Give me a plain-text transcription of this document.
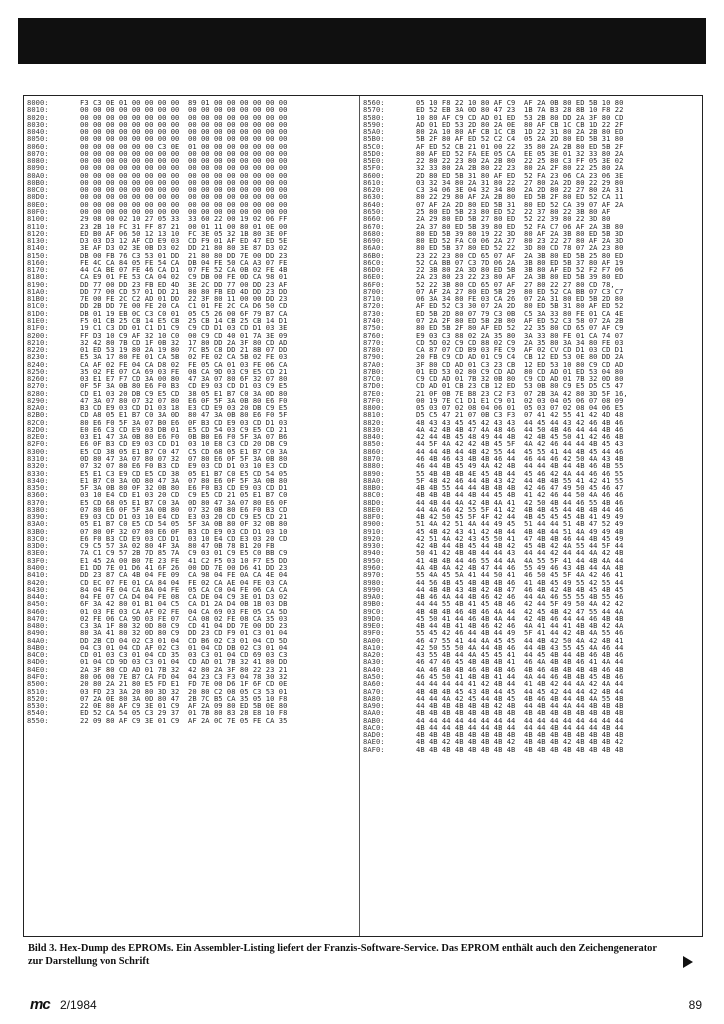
8000:	F3 C3 0E 01 00 00 00 00  89 01 00 00 00 00 00 00
8010:	00 00 00 00 00 00 00 00  00 00 00 00 00 00 00 00
8020:	00 00 00 00 00 00 00 00  00 00 00 00 00 00 00 00
8030:	00 00 00 00 00 00 00 00  00 00 00 00 00 00 00 00
8040:	00 00 00 00 00 00 00 00  00 00 00 00 00 00 00 00
8050:	00 00 00 00 00 00 00 00  00 00 00 00 00 00 00 00
8060:	00 00 00 00 00 00 C3 0E  01 00 00 00 00 00 00 00
8070:	00 00 00 00 00 00 00 00  00 00 00 00 00 00 00 00
8080:	00 00 00 00 00 00 00 00  00 00 00 00 00 00 00 00
8090:	00 00 00 00 00 00 00 00  00 00 00 00 00 00 00 00
80A0:	00 00 00 00 00 00 00 00  00 00 00 00 00 00 00 00
80B0:	00 00 00 00 00 00 00 00  00 00 00 00 00 00 00 00
80C0:	00 00 00 00 00 00 00 00  00 00 00 00 00 00 00 00
80D0:	00 00 00 00 00 00 00 00  00 00 00 00 00 00 00 00
80E0:	00 00 00 00 00 00 00 00  00 00 00 00 00 00 00 00
80F0:	00 00 00 00 00 00 00 00  00 00 00 00 00 00 00 00
8100:	29 08 00 02 10 27 05 33  33 60 22 00 19 02 06 FF
8110:	23 2B 10 FC 31 FF 87 21  00 01 11 00 80 01 0E 00
8120:	ED B0 AF 06 50 12 13 10  FC 3E 05 32 1B 80 3E 0F
8130:	D3 03 D3 12 AF CD E9 03  CD F9 01 AF ED 47 ED 5E
8140:	3E AF D3 02 3E 0B D3 02  DD 21 80 80 3E 87 D3 02
8150:	DB 00 FB 76 C3 53 01 DD  21 80 80 DD 7E 00 DD 23
8160:	FE 4C CA 84 05 FE 54 CA  DB 04 FE 50 CA A3 07 FE
8170:	44 CA BE 07 FE 46 CA D1  07 FE 52 CA 0B 02 FE 4B
8180:	CA E9 01 FE 53 CA 04 02  C9 DB 00 FE 0D CA 98 01
8190:	DD 77 00 DD 23 FB ED 4D  3E 2C DD 77 00 DD 23 AF
81A0:	DD 77 00 CD 57 01 DD 21  80 80 FB ED 4D DD 23 DD
81B0:	7E 00 FE 2C C2 AD 01 DD  22 3F 80 11 00 00 DD 23
81C0:	DD 2B DD 7E 00 FE 20 CA  C1 01 FE 2C CA D6 50 CD
81D0:	DB 01 19 EB 0C C3 C0 01  05 C5 26 00 6F 79 B7 CA
81E0:	F5 01 CB 25 CB 14 E5 CB  25 CB 14 CB 25 CB 14 D1
81F0:	19 C1 C3 DD 01 C1 D1 C9  C9 CD D1 03 CD D1 03 3E
8200:	FF D3 10 C9 AF 32 10 C0  00 C9 CD 40 01 7A 3E 09
8210:	32 42 80 7B CD 1F 0B 32  17 80 DD 2A 3F 80 CD AD
8220:	01 ED 53 19 80 2A 19 80  7C B5 C8 DD 21 8B 07 DD
8230:	E5 3A 17 80 FE 01 CA 5B  02 FE 02 CA 5B 02 FE 03
8240:	CA AF 02 FE 04 CA D8 02  FE 05 CA 01 03 FE 06 CA
8250:	35 02 FE 07 CA 69 03 FE  08 CA 9D 03 C9 E5 CD 21
8260:	03 E1 E7 F7 CD 3A 00 80  47 3A 07 80 6F 32 07 80
8270:	0F 5F 3A 0B 80 E6 F0 B3  CD E9 03 CD D1 03 C9 E5
8280:	CD E1 03 20 DB C9 E5 CD  38 05 E1 B7 C0 3A 0D 80
8290:	47 3A 07 80 07 32 07 80  E6 0F 5F 3A 0B 80 E6 F0
82A0:	B3 CD E9 03 CD D1 03 18  E3 CD E9 03 20 DB C9 E5
82B0:	CD A8 05 E1 B7 C0 3A 0D  80 47 3A 0B 80 E6 F0 5F
82C0:	80 E6 F0 5F 3A 07 B0 E6  0F B3 CD E9 03 CD D1 03
82D0:	E0 E6 C3 CD E9 03 DB 01  E5 CD 54 03 C9 E5 CD 21
82E0:	03 E1 47 3A 0B 80 E6 F0  0B B0 E6 F0 5F 3A 07 B6
82F0:	E6 0F B3 CD E9 03 CD D1  03 10 E8 C3 CD 20 DB C9
8300:	E5 CD 38 05 E1 B7 C0 47  C5 CD 68 05 E1 B7 C0 3A
8310:	0D 80 47 3A 07 80 07 32  07 80 E6 0F 5F 3A 0B 80
8320:	07 32 07 80 E6 F0 B3 CD  E9 03 CD D1 03 10 E3 CD
8330:	E5 E1 C3 E9 CD E5 CD 38  05 E1 B7 C0 E5 CD 54 05
8340:	E1 B7 C0 3A 0D 80 47 3A  07 80 E6 0F 5F 3A 0B 80
8350:	5F 3A 0B 80 0F 32 0B 80  E6 F0 B3 CD E9 03 CD D1
8360:	03 10 E4 CD E1 03 20 CD  C9 E5 CD 21 05 E1 B7 C0
8370:	E5 CD 68 05 E1 B7 C0 3A  0D 80 47 3A 07 80 E6 0F
8380:	07 80 E6 0F 5F 3A 0B 80  07 32 0B 80 E6 F0 B3 CD
8390:	E9 03 CD D1 03 10 E4 CD  E3 03 20 CD C9 E5 CD 21
83A0:	05 E1 B7 C0 E5 CD 54 05  5F 3A 0B 80 0F 32 0B 80
83B0:	07 80 0F 32 07 80 E6 0F  B3 CD E9 03 CD D1 03 10
83C0:	E6 F0 B3 CD E9 03 CD D1  03 10 E4 CD E3 03 20 CD
83D0:	C9 C5 57 3A 02 80 4F 3A  80 47 0B 78 B1 20 FB
83E0:	7A C1 C9 57 2B 7D 85 7A  C9 03 01 C9 E5 C0 BB C9
83F0:	E1 45 2A 00 B0 7E 23 FE  41 C2 F5 03 10 F7 E5 DD
8400:	E1 DD 7E 01 D6 41 6F 26  00 DD 7E 00 D6 41 DD 23
8410:	DD 23 87 CA 4B 04 FE 09  CA 98 04 FE 0A CA 4E 04
8420:	CD EC 07 FE 01 CA 84 04  FE 02 CA AE 04 FE 03 CA
8430:	84 04 FE 04 CA BA 04 FE  05 CA C0 04 FE 06 CA CA
8440:	04 FE 07 CA D4 04 FE 08  CA DE 04 C9 3E 01 D3 02
8450:	6F 3A 42 80 01 B1 04 C5  CA D1 2A D4 0B 1B 03 DB
8460:	01 03 FE 03 CA AF 02 FE  04 CA 69 03 FE 05 CA 5D
8470:	02 FE 06 CA 9D 03 FE 07  CA 08 02 FE 08 CA 35 03
8480:	C3 3A 1F 80 32 0D 80 C9  CD 41 04 DD 7E 00 DD 23
8490:	80 3A 41 80 32 0D 80 C9  DD 23 CD F9 01 C3 01 04
84A0:	DD 2B CD 04 02 C3 01 04  CD B6 02 C3 01 04 CD 5D
84B0:	04 C3 01 04 CD AF 02 C3  01 04 CD DB 02 C3 01 04
84C0:	CD 01 03 C3 01 04 CD 35  03 C3 01 04 CD 69 03 C3
84D0:	01 04 CD 9D 03 C3 01 04  CD AD 01 7B 32 41 80 DD
84E0:	2A 3F 80 CD AD 01 7B 32  42 80 2A 3F 80 22 23 21
84F0:	80 06 00 7E B7 CA FD 04  04 23 C3 F3 04 78 30 32
8500:	20 80 2A 21 80 E5 FD E1  FD 7E 00 D6 1F 6F CD 0E
8510:	03 FD 23 3A 20 80 3D 32  20 80 C2 08 05 C3 53 01
8520:	07 2A 0E 80 3A 0D 80 47  2B 7C B5 CA 35 05 10 F8
8530:	22 0E 80 AF C9 3E 01 C9  AF 2A 09 80 ED 5B 0E 80
8540:	ED 52 CA 54 05 C3 29 37  01 7B 80 83 28 E8 10 F8
8550:	22 09 80 AF C9 3E 01 C9  AF 2A 0C 7E 05 FE CA 35
8560:	05 10 F8 22 10 80 AF C9  AF 2A 0B 80 ED 5B 10 80
8570:	ED 52 EB 3A 0D 80 47 23  1B 7A B3 28 8B 10 F8 22
8580:	10 80 AF C9 CD AD 01 ED  53 2B 80 DD 2A 3F 80 CD
8590:	AD 01 ED 53 2D 80 2A 0E  80 AF CB 1C CB 1D 22 2F
85A0:	80 2A 10 80 AF CB 1C CB  1D 22 31 80 2A 2B 80 ED
85B0:	5B 2F 80 AF ED 52 C2 C4  05 2A 2D 80 ED 5B 31 80
85C0:	AF ED 52 CB 21 01 00 22  35 80 2A 2B 80 ED 5B 2F
85D0:	80 AF ED 52 FA EE 05 CA  EE 05 3E 01 32 33 80 2A
85E0:	22 80 22 23 80 2A 2B 80  22 25 80 C3 FF 05 3E 02
85F0:	32 33 80 2A 2B 80 22 23  80 2A 2F 80 22 25 80 2A
8600:	2D 80 ED 5B 31 80 AF ED  52 FA 23 06 CA 23 06 3E
8610:	03 32 34 80 2A 31 80 22  27 80 2A 2D 80 22 29 80
8620:	C3 34 06 3E 04 32 34 80  2A 2D 80 22 27 80 2A 31
8630:	80 22 29 80 AF 2A 2B 80  ED 5B 2F 80 ED 52 CA 11
8640:	07 AF 2A 2D 80 ED 5B 31  80 ED 52 CA 39 07 AF 2A
8650:	25 80 ED 5B 23 80 ED 52  22 37 80 22 3B 80 AF
8660:	2A 29 80 ED 5B 27 80 ED  52 22 39 80 22 3D 80
8670:	2A 37 80 ED 5B 39 80 ED  52 FA C7 06 AF 2A 3B 80
8680:	80 ED 5B 39 80 19 22 3D  80 AF 2A 3B 80 ED 5B 3D
8690:	80 ED 52 FA C0 06 2A 27  80 23 22 27 80 AF 2A 3D
86A0:	80 ED 5B 37 80 ED 52 22  3D 80 CD 78 07 2A 23 80
86B0:	23 22 23 80 CD 65 07 AF  2A 3B 80 ED 5B 25 80 ED
86C0:	52 CA BB 07 C3 7D 06 2A  3B 80 ED 5B 37 80 AF 19
86D0:	22 3B 80 2A 3D 80 ED 5B  3B 80 AF ED 52 F2 F7 06
86E0:	2A 23 80 23 22 23 80 AF  2A 3B 80 ED 5B 39 80 ED
86F0:	52 22 3B 80 CD 65 07 AF  27 80 22 27 80 CD 78,
8700:	07 AF 2A 27 80 ED 5B 29  80 ED 52 CA BB 07 C3 C7
8710:	06 3A 34 80 FE 03 CA 26  07 2A 31 80 ED 5B 2D 80
8720:	AF ED 52 C3 30 07 2A 2D  80 ED 5B 31 80 AF ED 52
8730:	ED 5B 2D 80 07 79 C3 0B  C5 3A 33 80 FE 01 CA 4E
8740:	07 2A 2F 80 ED 5B 2B 80  AF ED 52 C3 58 07 2A 2B
8750:	80 ED 5B 2F 80 AF ED 52  22 35 80 CD 65 07 AF C9
8760:	E9 03 C3 88 02 2A 35 80  3A 33 80 FE 01 CA 74 07
8770:	CD 5D 02 C9 CD 88 02 C9  2A 35 80 3A 34 80 FE 03
8780:	CA 87 07 CD B9 03 FE C9  AF 02 CV CD D1 03 CD D1
8790:	20 FB C9 CD AD 01 C9 C4  CB 12 ED 53 0E 80 DD 2A
87A0:	3F 80 CD AD 01 C3 23 CB  12 ED 53 10 80 C9 CD AD
87B0:	01 ED 53 02 80 C9 CD AD  80 CD AD 01 ED 53 04 80
87C0:	C9 CD AD 01 7B 32 0B 80  C9 CD AD 01 7B 32 0D 80
87D0:	CD AD 01 CB 23 CB 12 ED  53 0B 80 C9 E5 D5 C5 47
87E0:	21 0F 0B 7E B8 23 C2 F3  07 2B 3A 42 80 3D 5F 16,
87F0:	00 19 7E C1 D1 E1 C9 01  02 03 04 05 06 07 08 09
8800:	05 03 07 02 08 04 06 01  05 03 07 02 08 04 06 E5
8810:	D5 C5 47 21 07 0B C3 F3  07 41 42 55 41 42 4D 48
8820:	48 43 43 45 45 42 43 43  44 45 44 43 42 46 4B 46
8830:	4A 42 4B 4B 47 4A 48 46  44 50 4B 46 44 44 4B 46
8840:	42 44 4B 45 48 49 44 4B  42 4B 45 50 41 42 46 4B
8850:	44 5F 4A 42 42 4B 45 5F  4A 42 46 44 44 4B 45 43
8860:	44 44 4B 44 4B 42 55 44  45 55 41 44 4B 45 44 46
8870:	46 4B 46 43 4B 4B 46 44  46 44 46 42 50 4A 43 4B
8880:	46 44 4B 45 49 4A 42 4B  44 44 4B 44 4B 46 4B 55
8890:	55 4B 4B 4B 4E 45 4B 44  45 46 42 4A 44 46 46 55
88A0:	5F 48 42 46 44 4B 43 42  44 4B 4B 55 41 42 41 55
88B0:	4B 4B 55 44 44 4B 4B 4B  42 46 47 49 50 45 46 47
88C0:	4B 4B 4B 44 4B 44 45 4B  41 42 46 44 50 4A 46 46
88D0:	44 4B 44 4A 42 4B 4A 41  42 50 4B 44 46 55 4B 46
88E0:	44 4A 46 42 55 5F 41 42  4B 4B 45 44 4B 4B 44 46
88F0:	4B 42 50 45 5F 4F 42 44  4B 45 45 45 4B 41 49 49
8900:	51 4A 42 51 4A 44 49 45  51 44 44 51 4B 47 52 49
8910:	45 4B 42 43 41 42 4B 44  4B 4B 44 51 4A 49 49 4B
8920:	42 51 4A 42 43 45 50 41  47 4B 4B 46 44 4B 45 49
8930:	42 4B 44 4B 45 44 4B 42  45 4B 42 4A 55 44 5F 44
8940:	50 41 42 4B 4B 44 44 43  44 44 42 44 44 4A 42 4B
8950:	41 4B 4B 44 46 55 44 4A  4A 55 5F 41 44 4B 4A 44
8960:	4A 4B 4A 42 4B 47 44 46  55 49 46 43 4B 44 4A 4B
8970:	55 4A 45 5A 41 44 50 41  46 50 45 5F 4A 42 46 41
8980:	44 56 4B 45 4B 4B 4B 46  41 4B 45 49 55 42 55 44
8990:	44 4B 4B 43 4B 42 4B 47  46 4B 42 4B 4B 45 4B 45
89A0:	4B 46 4A 44 4B 46 42 46  44 4A 46 55 55 4B 55 46
89B0:	44 44 55 4B 41 45 4B 46  42 44 5F 49 50 4A 42 42
89C0:	4B 4B 4B 46 4B 46 4A 44  42 45 4B 42 47 55 44 4A
89D0:	45 50 41 44 46 4B 4A 44  42 4B 46 44 44 46 4B 4B
89E0:	4B 44 4B 41 4B 46 42 46  4A 41 44 41 4B 4B 42 4A
89F0:	55 45 42 46 44 4B 44 49  5F 41 44 42 4B 4A 55 46
8A00:	46 47 55 41 44 4A 45 45  44 4B 42 50 4A 42 4B 41
8A10:	42 50 55 50 4A 44 4B 46  44 4B 43 55 45 4A 46 44
8A20:	43 55 4B 44 4A 45 45 41  44 45 4B 44 4B 46 4B 46
8A30:	46 47 46 45 4B 4B 4B 41  46 4A 4B 4B 46 41 4A 44
8A40:	4A 46 4B 4B 46 4B 4B 46  4B 46 4B 4B 4B 4B 46 4B
8A50:	46 45 50 41 4B 4B 41 44  4A 44 46 4B 4B 45 4B 46
8A60:	44 44 44 44 41 42 4B 44  41 4B 42 44 4A 42 4A 44
8A70:	4B 4B 4B 45 43 4B 44 45  44 45 42 44 44 42 4B 44
8A80:	44 44 4A 42 45 44 4B 45  4B 46 4B 44 4B 4A 55 4B
8A90:	44 4B 4B 4B 4B 4B 42 4B  44 4B 44 4A 44 4B 4B 4B
8AA0:	4B 4B 4B 4B 4B 4B 4B 4B  4B 4B 4B 4B 4B 4B 4B 4B
8AB0:	44 44 44 44 44 44 44 44  44 44 44 44 44 44 44 44
8AC0:	4B 44 44 4B 44 44 4B 44  44 44 4B 44 44 44 4B 44
8AD0:	4B 4B 4B 4B 4B 4B 4B 4B  4B 4B 4B 4B 4B 4B 4B 4B
8AE0:	4B 4B 42 4B 4B 4B 4B 42  4B 4B 4B 42 4B 4B 4B 42
8AF0:	4B 4B 4B 4B 4B 4B 4B 4B  4B 4B 4B 4B 4B 4B 4B 4B
Bild 3. Hex-Dump des EPROMs. Ein Assembler-Listing liefert der Franzis-Software-Service. Das EPROM enthält auch den Zeichengenerator zur Darstellung von Schrift
mc 2/1984	89
